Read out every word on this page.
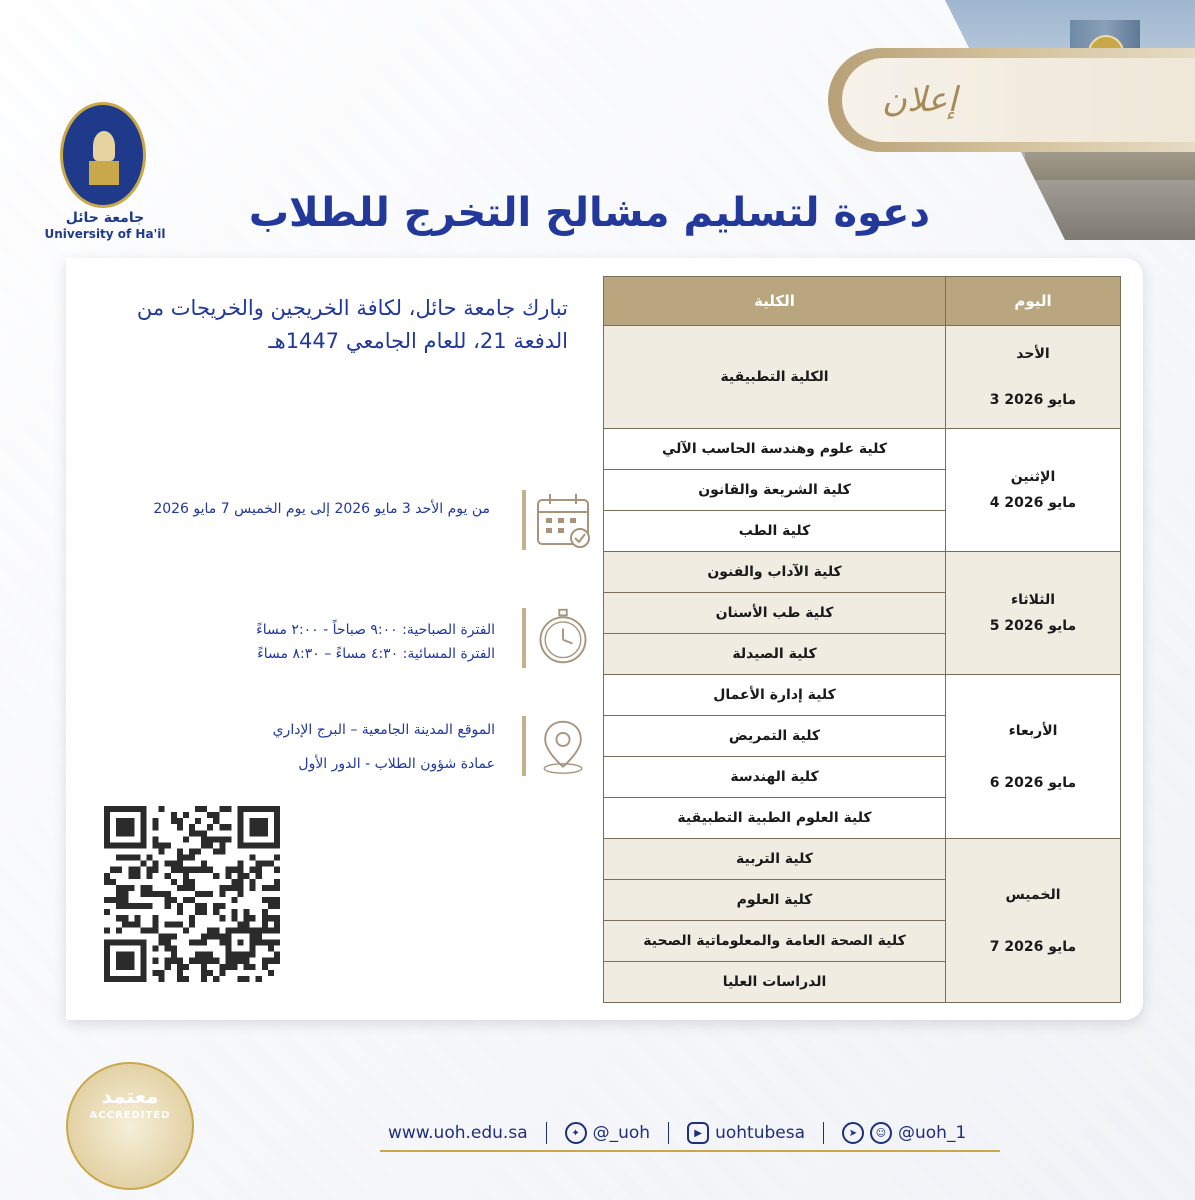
إعلان
جامعة حائل
University of Ha'il دعوة لتسليم مشالح التخرج للطلاب
تبارك جامعة حائل، لكافة الخريجين والخريجات من
الدفعة 21، للعام الجامعي 1447هـ
من يوم الأحد 3 مايو 2026 إلى يوم الخميس 7 مايو 2026
الفترة الصباحية: ٩:٠٠ صباحاً - ٢:٠٠ مساءً
الفترة المسائية: ٤:٣٠ مساءً – ٨:٣٠ مساءً
الموقع المدينة الجامعية – البرج الإداري
عمادة شؤون الطلاب - الدور الأول
اليوم	الكلية

الأحد
مايو 2026 3	الكلية التطبيقية

الإثنين
مايو 2026 4	كلية علوم وهندسة الحاسب الآلي
	كلية الشريعة والقانون
	كلية الطب

الثلاثاء
مايو 2026 5	كلية الآداب والفنون
	كلية طب الأسنان
	كلية الصيدلة

الأربعاء
مايو 2026 6	كلية إدارة الأعمال
	كلية التمريض
	كلية الهندسة
	كلية العلوم الطبية التطبيقية

الخميس
مايو 2026 7	كلية التربية
	كلية العلوم
	كلية الصحة العامة والمعلوماتية الصحية
	الدراسات العليا
معتمد
ACCREDITED
www.uoh.edu.sa	✦ @_uoh	▶ uohtubesa	➤	☺ @uoh_1
